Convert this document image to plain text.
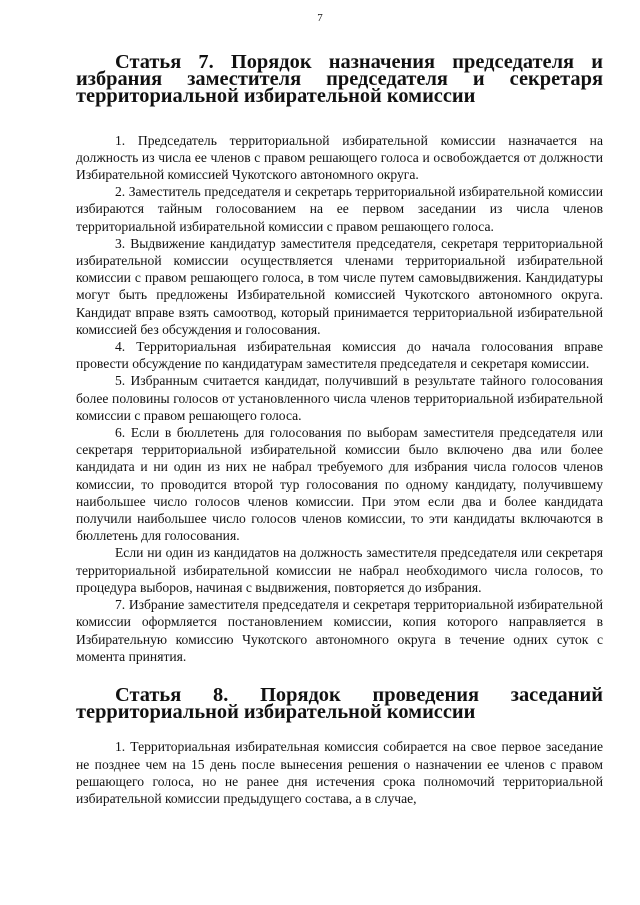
7
Статья 7. Порядок назначения председателя и избрания заместителя председателя и секретаря территориальной избирательной комиссии

1. Председатель территориальной избирательной комиссии назначается на должность из числа ее членов с правом решающего голоса и освобождается от должности Избирательной комиссией Чукотского автономного округа.

2. Заместитель председателя и секретарь территориальной избирательной комиссии избираются тайным голосованием на ее первом заседании из числа членов территориальной избирательной комиссии с правом решающего голоса.

3. Выдвижение кандидатур заместителя председателя, секретаря территориальной избирательной комиссии осуществляется членами территориальной избирательной комиссии с правом решающего голоса, в том числе путем самовыдвижения. Кандидатуры могут быть предложены Избирательной комиссией Чукотского автономного округа. Кандидат вправе взять самоотвод, который принимается территориальной избирательной комиссией без обсуждения и голосования.

4. Территориальная избирательная комиссия до начала голосования вправе провести обсуждение по кандидатурам заместителя председателя и секретаря комиссии.

5. Избранным считается кандидат, получивший в результате тайного голосования более половины голосов от установленного числа членов территориальной избирательной комиссии с правом решающего голоса.

6. Если в бюллетень для голосования по выборам заместителя председателя или секретаря территориальной избирательной комиссии было включено два или более кандидата и ни один из них не набрал требуемого для избрания числа голосов членов комиссии, то проводится второй тур голосования по одному кандидату, получившему наибольшее число голосов членов комиссии. При этом если два и более кандидата получили наибольшее число голосов членов комиссии, то эти кандидаты включаются в бюллетень для голосования.

Если ни один из кандидатов на должность заместителя председателя или секретаря территориальной избирательной комиссии не набрал необходимого числа голосов, то процедура выборов, начиная с выдвижения, повторяется до избрания.

7. Избрание заместителя председателя и секретаря территориальной избирательной комиссии оформляется постановлением комиссии, копия которого направляется в Избирательную комиссию Чукотского автономного округа в течение одних суток с момента принятия.

Статья 8. Порядок проведения заседаний территориальной избирательной комиссии

1. Территориальная избирательная комиссия собирается на свое первое заседание не позднее чем на 15 день после вынесения решения о назначении ее членов с правом решающего голоса, но не ранее дня истечения срока полномочий территориальной избирательной комиссии предыдущего состава, а в случае,
